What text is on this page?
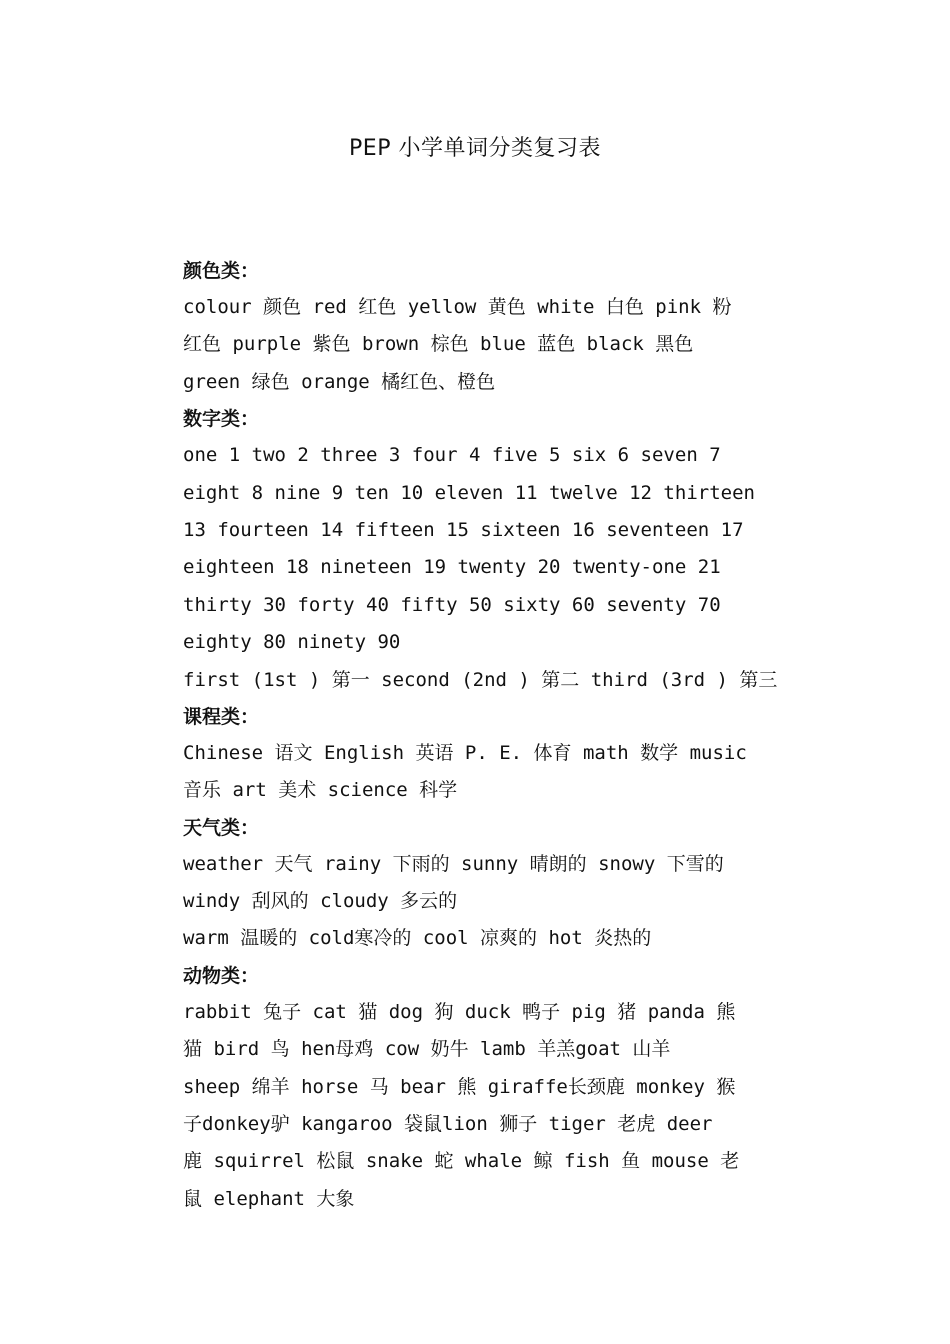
PEP 小学单词分类复习表
颜色类：
colour 颜色 red 红色 yellow 黄色 white 白色 pink 粉
红色 purple 紫色 brown 棕色 blue 蓝色 black 黑色
green 绿色 orange 橘红色、橙色
数字类：
one 1 two 2 three 3 four 4 five 5 six 6 seven 7
eight 8 nine 9 ten 10 eleven 11 twelve 12 thirteen
13 fourteen 14 fifteen 15 sixteen 16 seventeen 17
eighteen 18 nineteen 19 twenty 20 twenty-one 21
thirty 30 forty 40 fifty 50 sixty 60 seventy 70
eighty 80 ninety 90
first (1st ) 第一 second (2nd ) 第二 third (3rd ) 第三
课程类：
Chinese 语文 English 英语 P. E. 体育 math 数学 music
音乐 art 美术 science 科学
天气类：
weather 天气 rainy 下雨的 sunny 晴朗的 snowy 下雪的
windy 刮风的 cloudy 多云的
warm 温暖的 cold寒冷的 cool 凉爽的 hot 炎热的
动物类：
rabbit 兔子 cat 猫 dog 狗 duck 鸭子 pig 猪 panda 熊
猫 bird 鸟 hen母鸡 cow 奶牛 lamb 羊羔goat 山羊
sheep 绵羊 horse 马 bear 熊 giraffe长颈鹿 monkey 猴
子donkey驴 kangaroo 袋鼠lion 狮子 tiger 老虎 deer
鹿 squirrel 松鼠 snake 蛇 whale 鲸 fish 鱼 mouse 老
鼠 elephant 大象
